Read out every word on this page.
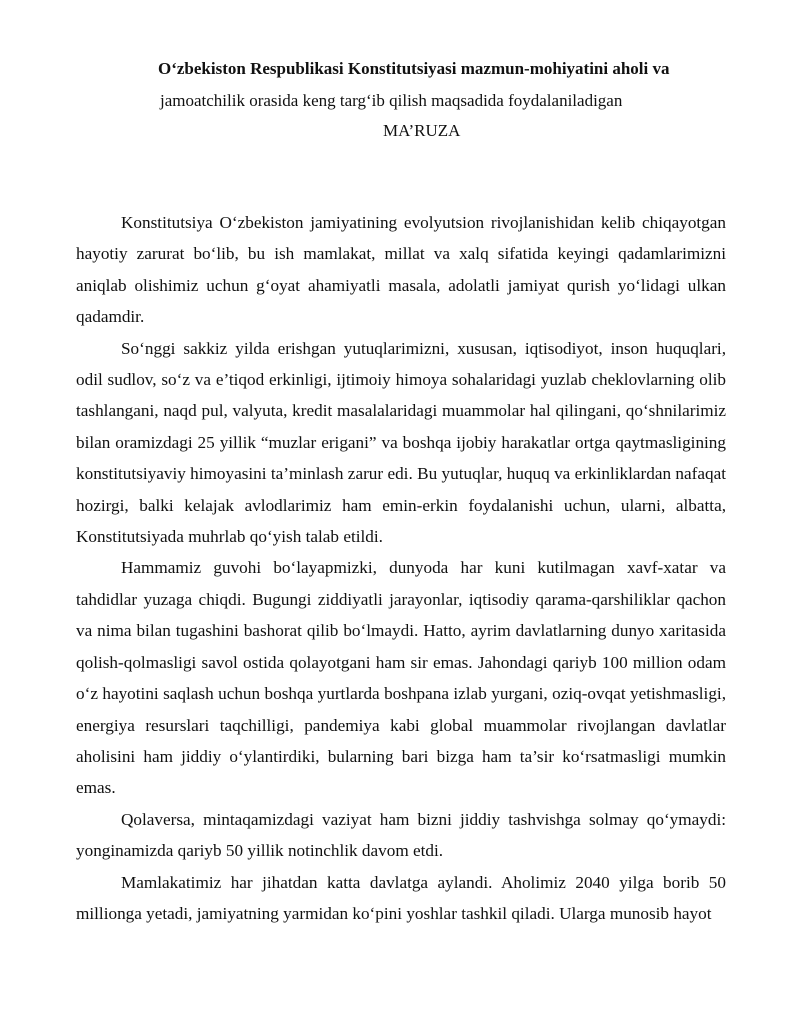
O‘zbekiston Respublikasi Konstitutsiyasi mazmun-mohiyatini aholi va
jamoatchilik orasida keng targ‘ib qilish maqsadida foydalaniladigan
MA’RUZA

Konstitutsiya O‘zbekiston jamiyatining evolyutsion rivojlanishidan kelib chiqayotgan hayotiy zarurat bo‘lib, bu ish mamlakat, millat va xalq sifatida keyingi qadamlarimizni aniqlab olishimiz uchun g‘oyat ahamiyatli masala, adolatli jamiyat qurish yo‘lidagi ulkan qadamdir.

So‘nggi sakkiz yilda erishgan yutuqlarimizni, xususan, iqtisodiyot, inson huquqlari, odil sudlov, so‘z va e’tiqod erkinligi, ijtimoiy himoya sohalaridagi yuzlab cheklovlarning olib tashlangani, naqd pul, valyuta, kredit masalalaridagi muammolar hal qilingani, qo‘shnilarimiz bilan oramizdagi 25 yillik “muzlar erigani” va boshqa ijobiy harakatlar ortga qaytmasligining konstitutsiyaviy himoyasini ta’minlash zarur edi. Bu yutuqlar, huquq va erkinliklardan nafaqat hozirgi, balki kelajak avlodlarimiz ham emin-erkin foydalanishi uchun, ularni, albatta, Konstitutsiyada muhrlab qo‘yish talab etildi.

Hammamiz guvohi bo‘layapmizki, dunyoda har kuni kutilmagan xavf-xatar va tahdidlar yuzaga chiqdi. Bugungi ziddiyatli jarayonlar, iqtisodiy qarama-qarshiliklar qachon va nima bilan tugashini bashorat qilib bo‘lmaydi. Hatto, ayrim davlatlarning dunyo xaritasida qolish-qolmasligi savol ostida qolayotgani ham sir emas. Jahondagi qariyb 100 million odam o‘z hayotini saqlash uchun boshqa yurtlarda boshpana izlab yurgani, oziq-ovqat yetishmasligi, energiya resurslari taqchilligi, pandemiya kabi global muammolar rivojlangan davlatlar aholisini ham jiddiy o‘ylantirdiki, bularning bari bizga ham ta’sir ko‘rsatmasligi mumkin emas.

Qolaversa, mintaqamizdagi vaziyat ham bizni jiddiy tashvishga solmay qo‘ymaydi: yonginamizda qariyb 50 yillik notinchlik davom etdi.

Mamlakatimiz har jihatdan katta davlatga aylandi. Aholimiz 2040 yilga borib 50 millionga yetadi, jamiyatning yarmidan ko‘pini yoshlar tashkil qiladi. Ularga munosib hayot
